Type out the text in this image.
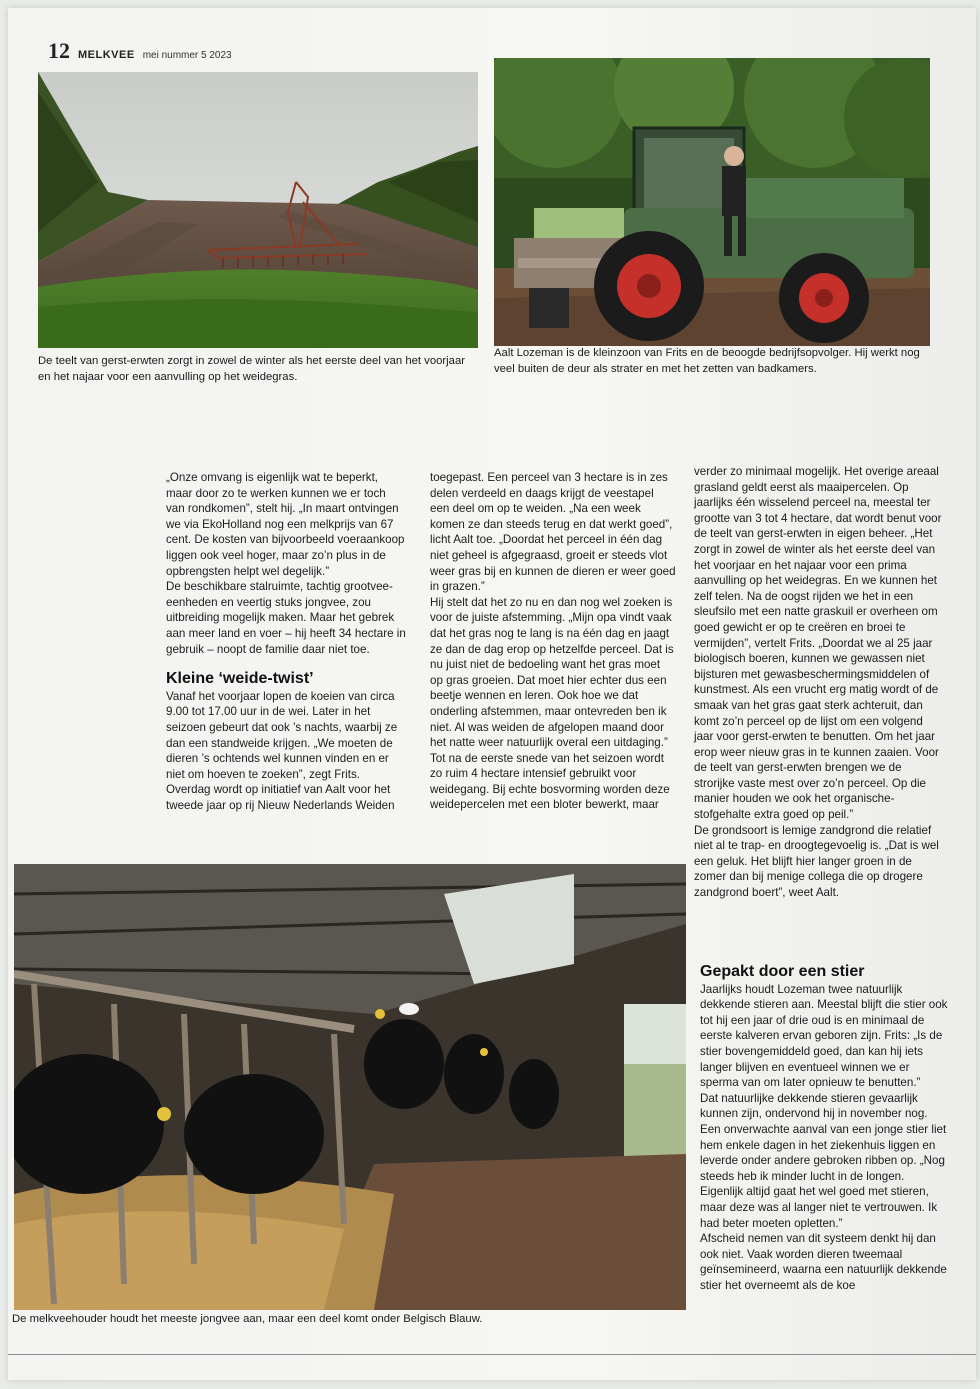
12 MELKVEE mei nummer 5 2023
De teelt van gerst-erwten zorgt in zowel de winter als het eerste deel van het voorjaar en het najaar voor een aanvulling op het weidegras.
Aalt Lozeman is de kleinzoon van Frits en de beoogde bedrijfsopvolger. Hij werkt nog veel buiten de deur als strater en met het zetten van badkamers.

„Onze omvang is eigenlijk wat te beperkt, maar door zo te werken kunnen we er toch van rondkomen”, stelt hij. „In maart ontvingen we via EkoHolland nog een melkprijs van 67 cent. De kosten van bijvoorbeeld voeraankoop liggen ook veel hoger, maar zo’n plus in de opbrengsten helpt wel degelijk.”

De beschikbare stalruimte, tachtig grootvee-eenheden en veertig stuks jongvee, zou uitbreiding mogelijk maken. Maar het gebrek aan meer land en voer – hij heeft 34 hectare in gebruik – noopt de familie daar niet toe.

Kleine ‘weide-twist’

Vanaf het voorjaar lopen de koeien van circa 9.00 tot 17.00 uur in de wei. Later in het seizoen gebeurt dat ook ’s nachts, waarbij ze dan een standweide krijgen. „We moeten de dieren ’s ochtends wel kunnen vinden en er niet om hoeven te zoeken”, zegt Frits. Overdag wordt op initiatief van Aalt voor het tweede jaar op rij Nieuw Nederlands Weiden

toegepast. Een perceel van 3 hectare is in zes delen verdeeld en daags krijgt de veestapel een deel om op te weiden. „Na een week komen ze dan steeds terug en dat werkt goed”, licht Aalt toe. „Doordat het perceel in één dag niet geheel is afgegraasd, groeit er steeds vlot weer gras bij en kunnen de dieren er weer goed in grazen.”

Hij stelt dat het zo nu en dan nog wel zoeken is voor de juiste afstemming. „Mijn opa vindt vaak dat het gras nog te lang is na één dag en jaagt ze dan de dag erop op hetzelfde perceel. Dat is nu juist niet de bedoeling want het gras moet op gras groeien. Dat moet hier echter dus een beetje wennen en leren. Ook hoe we dat onderling afstemmen, maar ontevreden ben ik niet. Al was weiden de afgelopen maand door het natte weer natuurlijk overal een uitdaging.”

Tot na de eerste snede van het seizoen wordt zo ruim 4 hectare intensief gebruikt voor weidegang. Bij echte bosvorming worden deze weidepercelen met een bloter bewerkt, maar

verder zo minimaal mogelijk. Het overige areaal grasland geldt eerst als maaipercelen. Op jaarlijks één wisselend perceel na, meestal ter grootte van 3 tot 4 hectare, dat wordt benut voor de teelt van gerst-erwten in eigen beheer. „Het zorgt in zowel de winter als het eerste deel van het voorjaar en het najaar voor een prima aanvulling op het weidegras. En we kunnen het zelf telen. Na de oogst rijden we het in een sleufsilo met een natte graskuil er overheen om goed gewicht er op te creëren en broei te vermijden”, vertelt Frits. „Doordat we al 25 jaar biologisch boeren, kunnen we gewassen niet bijsturen met gewasbeschermingsmiddelen of kunstmest. Als een vrucht erg matig wordt of de smaak van het gras gaat sterk achteruit, dan komt zo’n perceel op de lijst om een volgend jaar voor gerst-erwten te benutten. Om het jaar erop weer nieuw gras in te kunnen zaaien. Voor de teelt van gerst-erwten brengen we de strorijke vaste mest over zo’n perceel. Op die manier houden we ook het organische-stofgehalte extra goed op peil.”

De grondsoort is lemige zandgrond die relatief niet al te trap- en droogtegevoelig is. „Dat is wel een geluk. Het blijft hier langer groen in de zomer dan bij menige collega die op drogere zandgrond boert”, weet Aalt.

De melkveehouder houdt het meeste jongvee aan, maar een deel komt onder Belgisch Blauw.
Gepakt door een stier

Jaarlijks houdt Lozeman twee natuurlijk dekkende stieren aan. Meestal blijft die stier ook tot hij een jaar of drie oud is en minimaal de eerste kalveren ervan geboren zijn. Frits: „Is de stier bovengemiddeld goed, dan kan hij iets langer blijven en eventueel winnen we er sperma van om later opnieuw te benutten.”

Dat natuurlijke dekkende stieren gevaarlijk kunnen zijn, ondervond hij in november nog. Een onverwachte aanval van een jonge stier liet hem enkele dagen in het ziekenhuis liggen en leverde onder andere gebroken ribben op. „Nog steeds heb ik minder lucht in de longen. Eigenlijk altijd gaat het wel goed met stieren, maar deze was al langer niet te vertrouwen. Ik had beter moeten opletten.”

Afscheid nemen van dit systeem denkt hij dan ook niet. Vaak worden dieren tweemaal geïnsemineerd, waarna een natuurlijk dekkende stier het overneemt als de koe
